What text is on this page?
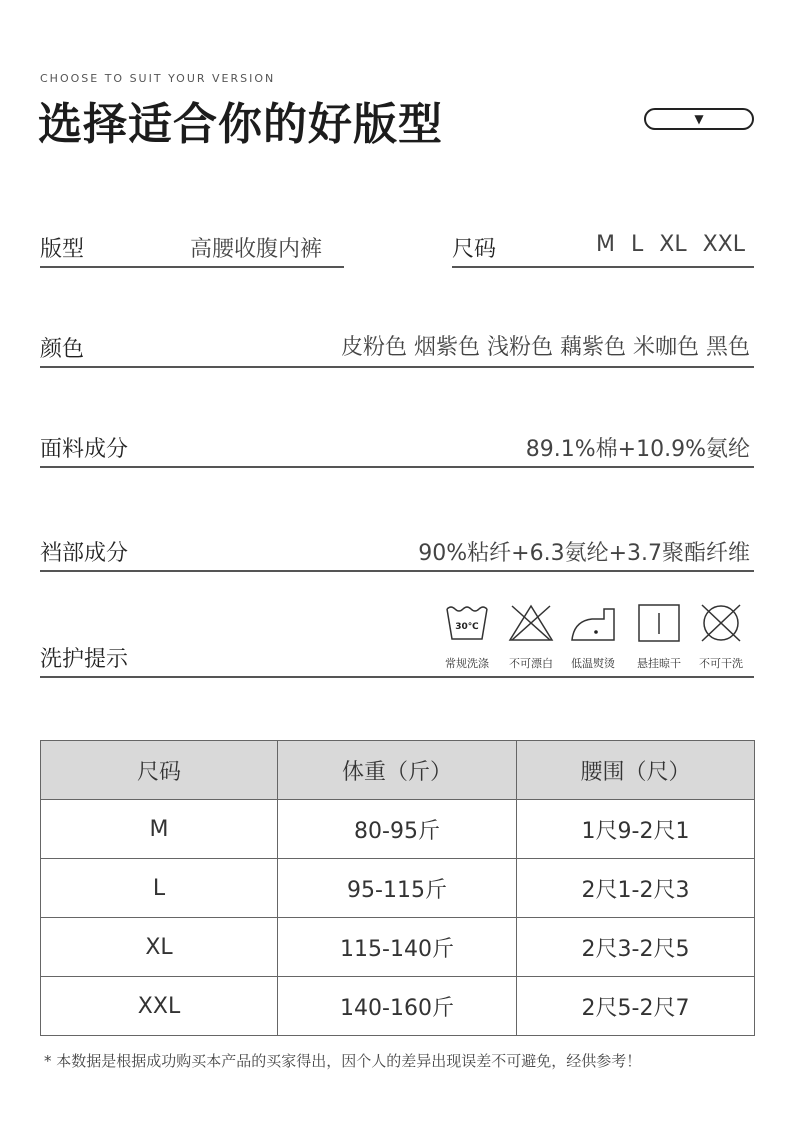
CHOOSE TO SUIT YOUR VERSION
选择适合你的好版型	▼
版型	高腰收腹内裤	尺码	M L XL XXL
颜色	皮粉色 烟紫色 浅粉色 藕紫色 米咖色 黑色
面料成分	89.1%棉+10.9%氨纶
裆部成分	90%粘纤+6.3氨纶+3.7聚酯纤维
洗护提示
30℃
常规洗涤	不可漂白	低温熨烫	悬挂晾干	不可干洗
尺码	体重（斤）	腰围（尺）
M	80-95斤	1尺9-2尺1
L	95-115斤	2尺1-2尺3
XL	115-140斤	2尺3-2尺5
XXL	140-160斤	2尺5-2尺7
* 本数据是根据成功购买本产品的买家得出，因个人的差异出现误差不可避免，经供参考！
